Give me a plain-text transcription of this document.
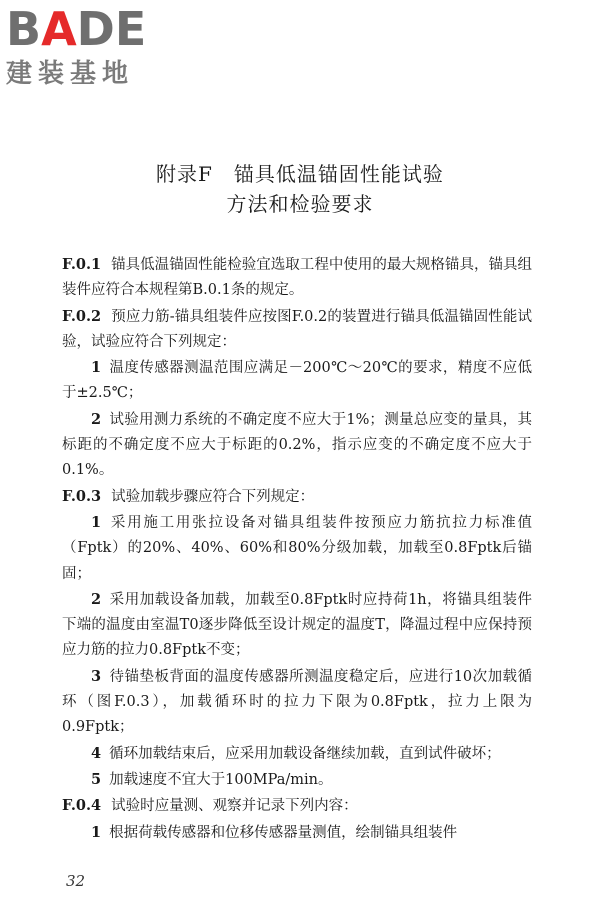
BADE
建装基地
附录F　锚具低温锚固性能试验
方法和检验要求

F.0.1 锚具低温锚固性能检验宜选取工程中使用的最大规格锚具，锚具组装件应符合本规程第B.0.1条的规定。

F.0.2 预应力筋-锚具组装件应按图F.0.2的装置进行锚具低温锚固性能试验，试验应符合下列规定：

1 温度传感器测温范围应满足－200℃～20℃的要求，精度不应低于±2.5℃；

2 试验用测力系统的不确定度不应大于1%；测量总应变的量具，其标距的不确定度不应大于标距的0.2%，指示应变的不确定度不应大于0.1%。

F.0.3 试验加载步骤应符合下列规定：

1 采用施工用张拉设备对锚具组装件按预应力筋抗拉力标准值（Fptk）的20%、40%、60%和80%分级加载，加载至0.8Fptk后锚固；

2 采用加载设备加载，加载至0.8Fptk时应持荷1h，将锚具组装件下端的温度由室温T0逐步降低至设计规定的温度T，降温过程中应保持预应力筋的拉力0.8Fptk不变；

3 待锚垫板背面的温度传感器所测温度稳定后，应进行10次加载循环（图F.0.3），加载循环时的拉力下限为0.8Fptk，拉力上限为0.9Fptk；

4 循环加载结束后，应采用加载设备继续加载，直到试件破坏；

5 加载速度不宜大于100MPa/min。

F.0.4 试验时应量测、观察并记录下列内容：

1 根据荷载传感器和位移传感器量测值，绘制锚具组装件

32
